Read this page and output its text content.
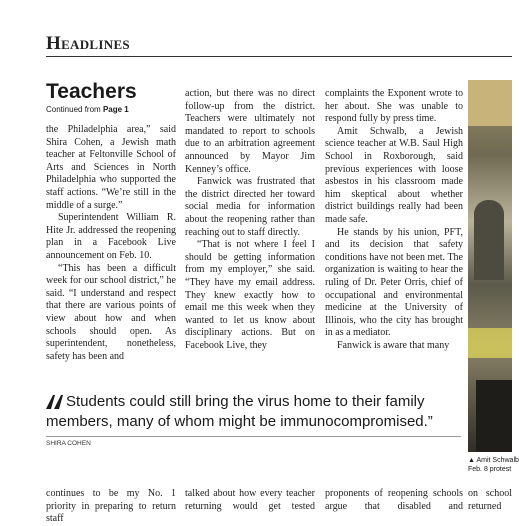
Headlines
Teachers
Continued from Page 1

the Philadelphia area,” said Shira Cohen, a Jewish math teacher at Feltonville School of Arts and Sciences in North Philadelphia who supported the staff actions. “We’re still in the middle of a surge.”

Superintendent William R. Hite Jr. addressed the reopening plan in a Facebook Live announcement on Feb. 10.

“This has been a difficult week for our school district,” he said. “I understand and respect that there are various points of view about how and when schools should open. As superintendent, nonetheless, safety has been and

action, but there was no direct follow-up from the district. Teachers were ultimately not mandated to report to schools due to an arbitration agreement announced by Mayor Jim Kenney’s office.

Fanwick was frustrated that the district directed her toward social media for information about the reopening rather than reaching out to staff directly.

“That is not where I feel I should be getting information from my employer,” she said. “They have my email address. They knew exactly how to email me this week when they wanted to let us know about disciplinary actions. But on Facebook Live, they

complaints the Exponent wrote to her about. She was unable to respond fully by press time.

Amit Schwalb, a Jewish science teacher at W.B. Saul High School in Roxborough, said previous experiences with loose asbestos in his classroom made him skeptical about whether district buildings really had been made safe.

He stands by his union, PFT, and its decision that safety conditions have not been met. The organization is waiting to hear the ruling of Dr. Peter Orris, chief of occupational and environmental medicine at the University of Illinois, who the city has brought in as a mediator.

Fanwick is aware that many

Students could still bring the virus home to their family members, many of whom might be immunocompromised.”
SHIRA COHEN
▲ Amit Schwalb
Feb. 8 protest
continues to be my No. 1 priority in preparing to return staff
talked about how every teacher returning would get tested
proponents of reopening schools argue that disabled and
on school returned
